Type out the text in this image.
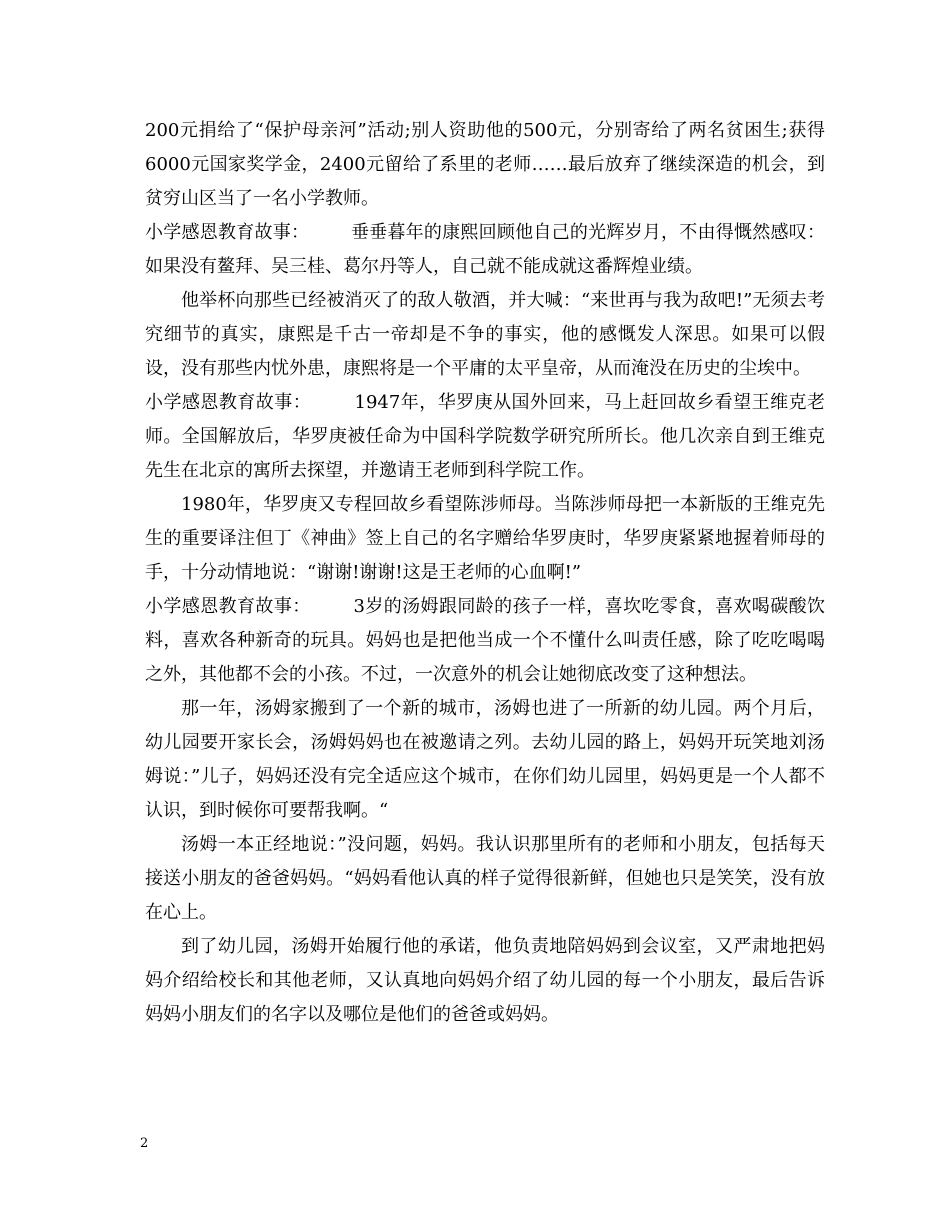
200元捐给了“保护母亲河”活动;别人资助他的500元，分别寄给了两名贫困生;获得6000元国家奖学金，2400元留给了系里的老师……最后放弃了继续深造的机会，到贫穷山区当了一名小学教师。

小学感恩教育故事： 垂垂暮年的康熙回顾他自己的光辉岁月，不由得慨然感叹：如果没有鳌拜、吴三桂、葛尔丹等人，自己就不能成就这番辉煌业绩。

他举杯向那些已经被消灭了的敌人敬酒，并大喊：“来世再与我为敌吧!”无须去考究细节的真实，康熙是千古一帝却是不争的事实，他的感慨发人深思。如果可以假设，没有那些内忧外患，康熙将是一个平庸的太平皇帝，从而淹没在历史的尘埃中。

小学感恩教育故事： 1947年，华罗庚从国外回来，马上赶回故乡看望王维克老师。全国解放后，华罗庚被任命为中国科学院数学研究所所长。他几次亲自到王维克先生在北京的寓所去探望，并邀请王老师到科学院工作。

1980年，华罗庚又专程回故乡看望陈涉师母。当陈涉师母把一本新版的王维克先生的重要译注但丁《神曲》签上自己的名字赠给华罗庚时，华罗庚紧紧地握着师母的手，十分动情地说：“谢谢!谢谢!这是王老师的心血啊!”

小学感恩教育故事： 3岁的汤姆跟同龄的孩子一样，喜坎吃零食，喜欢喝碳酸饮料，喜欢各种新奇的玩具。妈妈也是把他当成一个不懂什么叫责任感，除了吃吃喝喝之外，其他都不会的小孩。不过，一次意外的机会让她彻底改变了这种想法。

那一年，汤姆家搬到了一个新的城市，汤姆也进了一所新的幼儿园。两个月后，幼儿园要开家长会，汤姆妈妈也在被邀请之列。去幼儿园的路上，妈妈开玩笑地刘汤姆说：”儿子，妈妈还没有完全适应这个城市，在你们幼儿园里，妈妈更是一个人都不认识，到时候你可要帮我啊。“

汤姆一本正经地说：”没问题，妈妈。我认识那里所有的老师和小朋友，包括每天接送小朋友的爸爸妈妈。“妈妈看他认真的样子觉得很新鲜，但她也只是笑笑，没有放在心上。

到了幼儿园，汤姆开始履行他的承诺，他负责地陪妈妈到会议室，又严肃地把妈妈介绍给校长和其他老师，又认真地向妈妈介绍了幼儿园的每一个小朋友，最后告诉妈妈小朋友们的名字以及哪位是他们的爸爸或妈妈。

2
